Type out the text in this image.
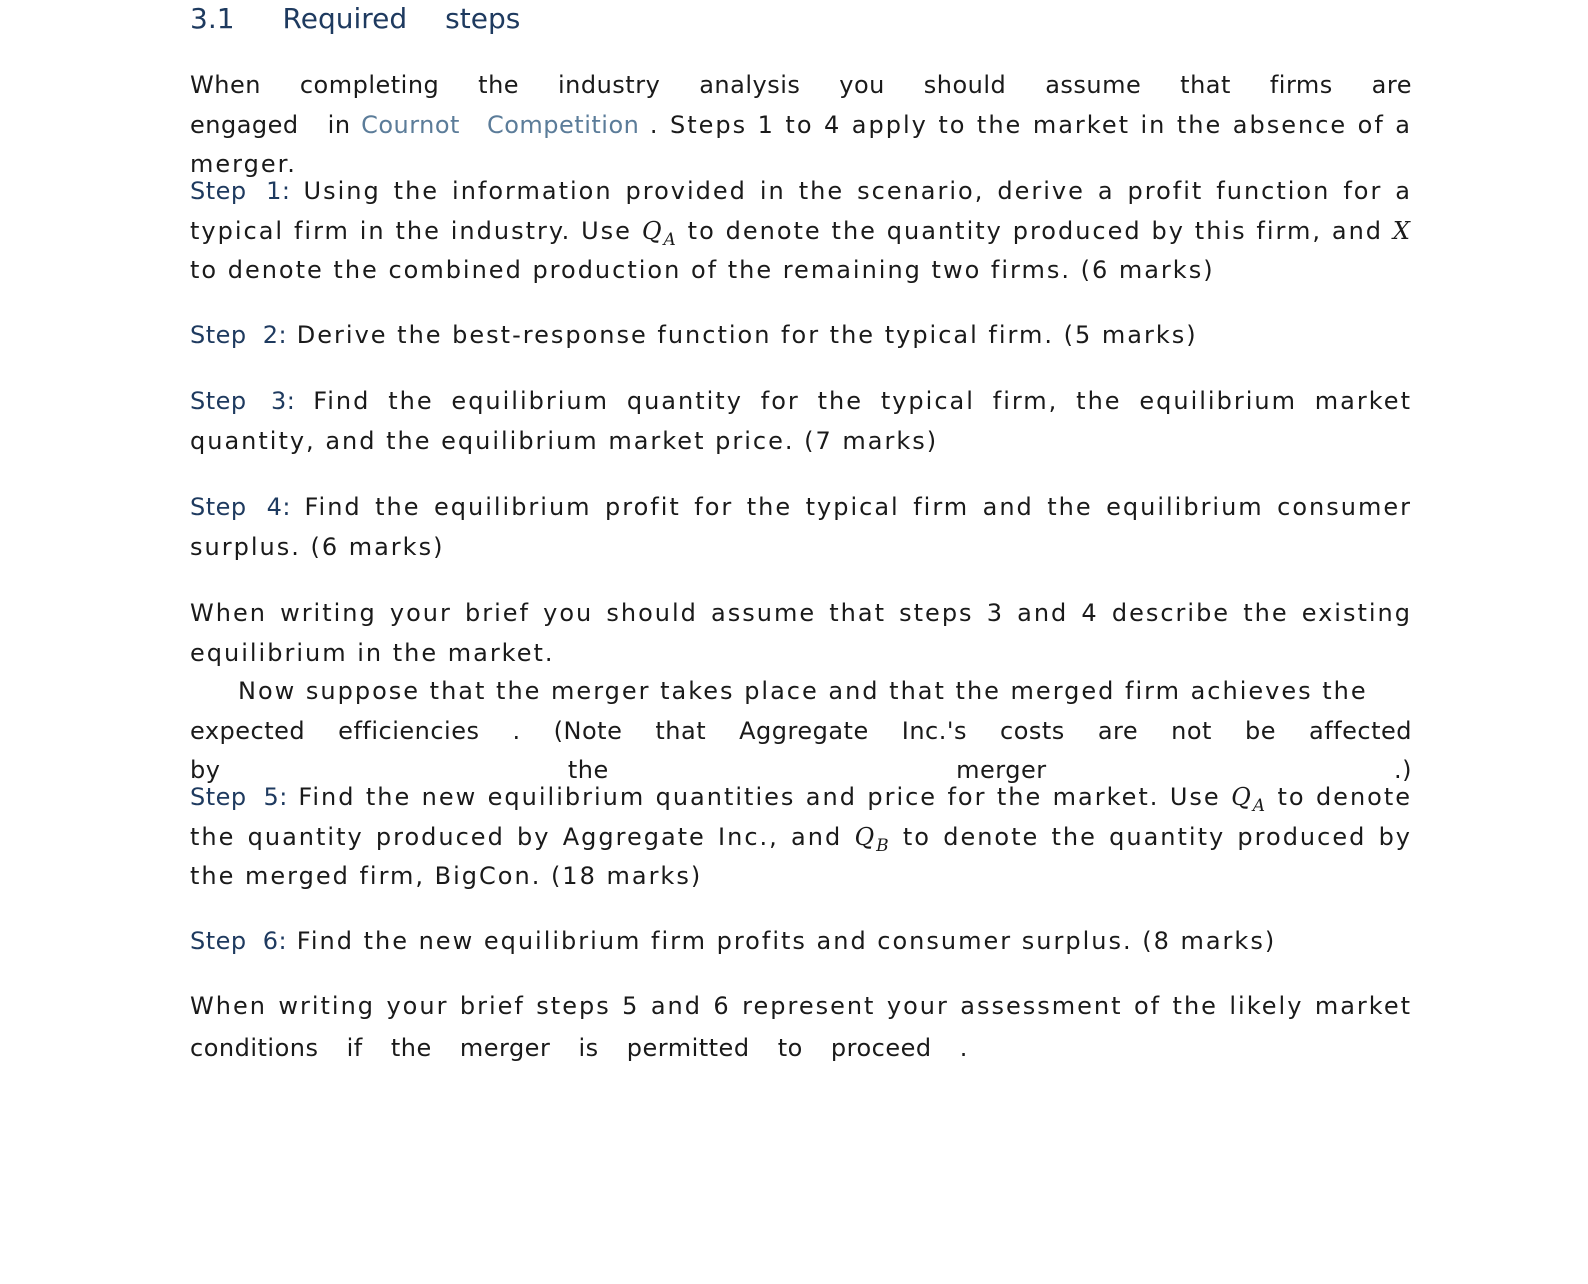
3.1 Required steps

When completing the industry analysis you should assume that firms are engaged in Cournot Competition . Steps 1 to 4 apply to the market in the absence of a merger.

Step 1: Using the information provided in the scenario, derive a profit function for a typical firm in the industry. Use $Q_A$ to denote the quantity produced by this firm, and X to denote the combined production of the remaining two firms. (6 marks)

Step 2: Derive the best-response function for the typical firm. (5 marks)

Step 3: Find the equilibrium quantity for the typical firm, the equilibrium market quantity, and the equilibrium market price. (7 marks)

Step 4: Find the equilibrium profit for the typical firm and the equilibrium consumer surplus. (6 marks)

When writing your brief you should assume that steps 3 and 4 describe the existing equilibrium in the market.

Now suppose that the merger takes place and that the merged firm achieves the
expected efficiencies . (Note that Aggregate Inc.'s costs are not be affected by the merger .)

Step 5: Find the new equilibrium quantities and price for the market. Use $Q_A$ to denote the quantity produced by Aggregate Inc., and $Q_B$ to denote the quantity produced by the merged firm, BigCon. (18 marks)

Step 6: Find the new equilibrium firm profits and consumer surplus. (8 marks)

When writing your brief steps 5 and 6 represent your assessment of the likely market
conditions if the merger is permitted to proceed .
